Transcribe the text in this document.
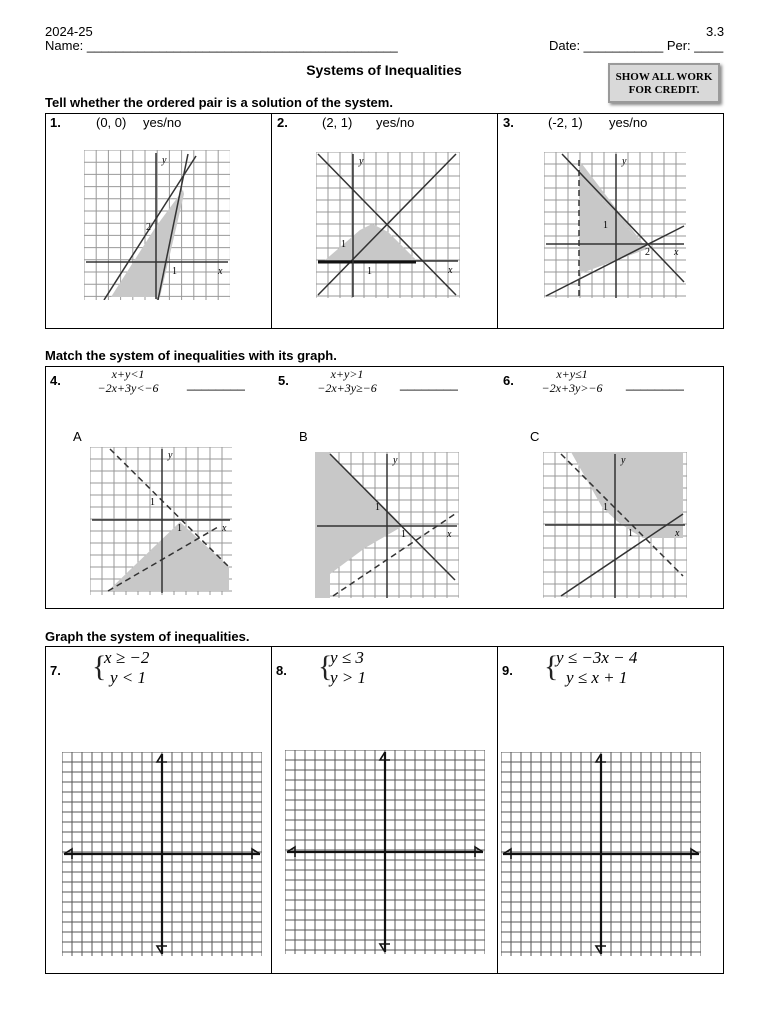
2024-25	3.3
Name: ___________________________________________	Date: ___________ Per: ____
Systems of Inequalities	SHOW ALL WORK
FOR CREDIT.
Tell whether the ordered pair is a solution of the system.
1.	(0, 0) yes/no	2.	(2, 1) yes/no	3.	(-2, 1) yes/no
y
x
2
1
y
x
1
1
y
x
1
2
Match the system of inequalities with its graph.
4.	x+y<1
−2x+3y<−6	________	5.	x+y>1
−2x+3y≥−6	________	6.	x+y≤1
−2x+3y>−6	________
A	B	C
y
x
1
1
y
x
1
1
y
x
1
1
Graph the system of inequalities.
7. {
x ≥ −2
y < 1	8. {
y ≤ 3
y > 1	9. {
y ≤ −3x − 4
y ≤ x + 1
